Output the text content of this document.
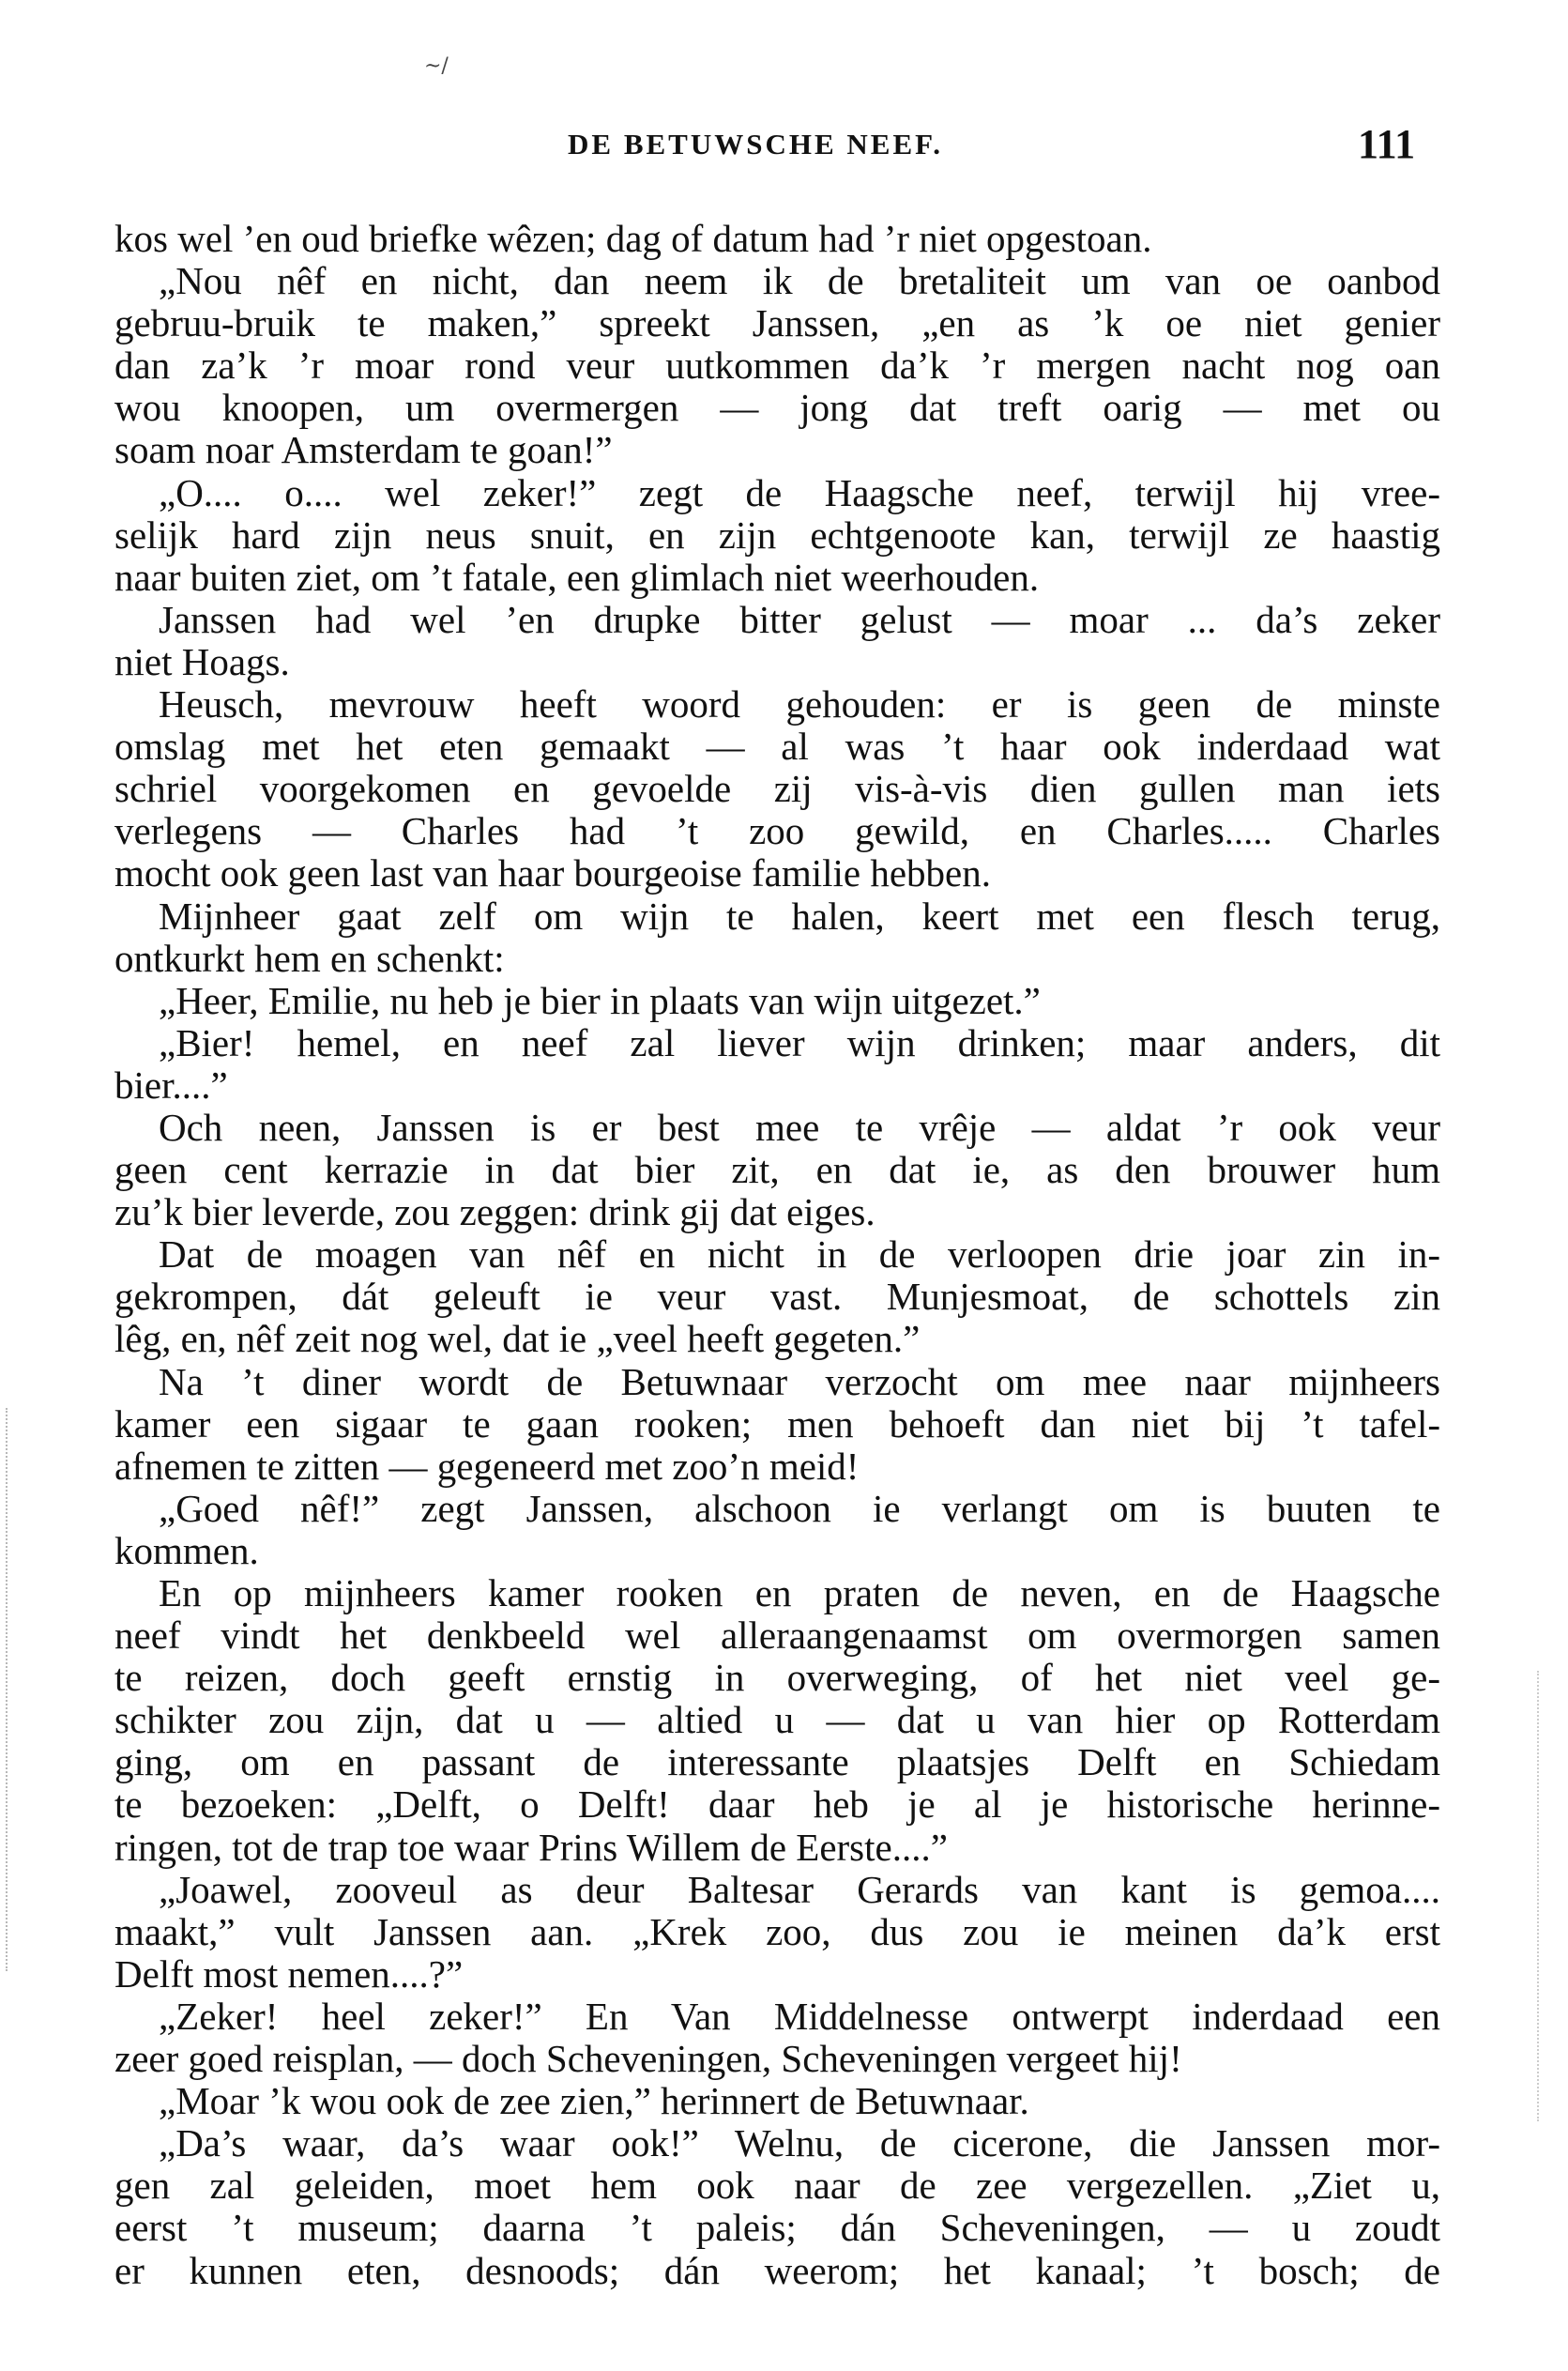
~/
DE BETUWSCHE NEEF.	111
kos wel ’en oud briefke wêzen; dag of datum had ’r niet opgestoan.
„Nou nêf en nicht, dan neem ik de bretaliteit um van oe oanbod
gebruu-bruik te maken,” spreekt Janssen, „en as ’k oe niet genier
dan za’k ’r moar rond veur uutkommen da’k ’r mergen nacht nog oan
wou knoopen, um overmergen — jong dat treft oarig — met ou
soam noar Amsterdam te goan!”
„O.... o.... wel zeker!” zegt de Haagsche neef, terwijl hij vree-
selijk hard zijn neus snuit, en zijn echtgenoote kan, terwijl ze haastig
naar buiten ziet, om ’t fatale, een glimlach niet weerhouden.
Janssen had wel ’en drupke bitter gelust — moar ... da’s zeker
niet Hoags.
Heusch, mevrouw heeft woord gehouden: er is geen de minste
omslag met het eten gemaakt — al was ’t haar ook inderdaad wat
schriel voorgekomen en gevoelde zij vis-à-vis dien gullen man iets
verlegens — Charles had ’t zoo gewild, en Charles..... Charles
mocht ook geen last van haar bourgeoise familie hebben.
Mijnheer gaat zelf om wijn te halen, keert met een flesch terug,
ontkurkt hem en schenkt:
„Heer, Emilie, nu heb je bier in plaats van wijn uitgezet.”
„Bier! hemel, en neef zal liever wijn drinken; maar anders, dit
bier....”
Och neen, Janssen is er best mee te vrêje — aldat ’r ook veur
geen cent kerrazie in dat bier zit, en dat ie, as den brouwer hum
zu’k bier leverde, zou zeggen: drink gij dat eiges.
Dat de moagen van nêf en nicht in de verloopen drie joar zin in-
gekrompen, dát geleuft ie veur vast. Munjesmoat, de schottels zin
lêg, en, nêf zeit nog wel, dat ie „veel heeft gegeten.”
Na ’t diner wordt de Betuwnaar verzocht om mee naar mijnheers
kamer een sigaar te gaan rooken; men behoeft dan niet bij ’t tafel-
afnemen te zitten — gegeneerd met zoo’n meid!
„Goed nêf!” zegt Janssen, alschoon ie verlangt om is buuten te
kommen.
En op mijnheers kamer rooken en praten de neven, en de Haagsche
neef vindt het denkbeeld wel alleraangenaamst om overmorgen samen
te reizen, doch geeft ernstig in overweging, of het niet veel ge-
schikter zou zijn, dat u — altied u — dat u van hier op Rotterdam
ging, om en passant de interessante plaatsjes Delft en Schiedam
te bezoeken: „Delft, o Delft! daar heb je al je historische herinne-
ringen, tot de trap toe waar Prins Willem de Eerste....”
„Joawel, zooveul as deur Baltesar Gerards van kant is gemoa....
maakt,” vult Janssen aan. „Krek zoo, dus zou ie meinen da’k erst
Delft most nemen....?”
„Zeker! heel zeker!” En Van Middelnesse ontwerpt inderdaad een
zeer goed reisplan, — doch Scheveningen, Scheveningen vergeet hij!
„Moar ’k wou ook de zee zien,” herinnert de Betuwnaar.
„Da’s waar, da’s waar ook!” Welnu, de cicerone, die Janssen mor-
gen zal geleiden, moet hem ook naar de zee vergezellen. „Ziet u,
eerst ’t museum; daarna ’t paleis; dán Scheveningen, — u zoudt
er kunnen eten, desnoods; dán weerom; het kanaal; ’t bosch; de
